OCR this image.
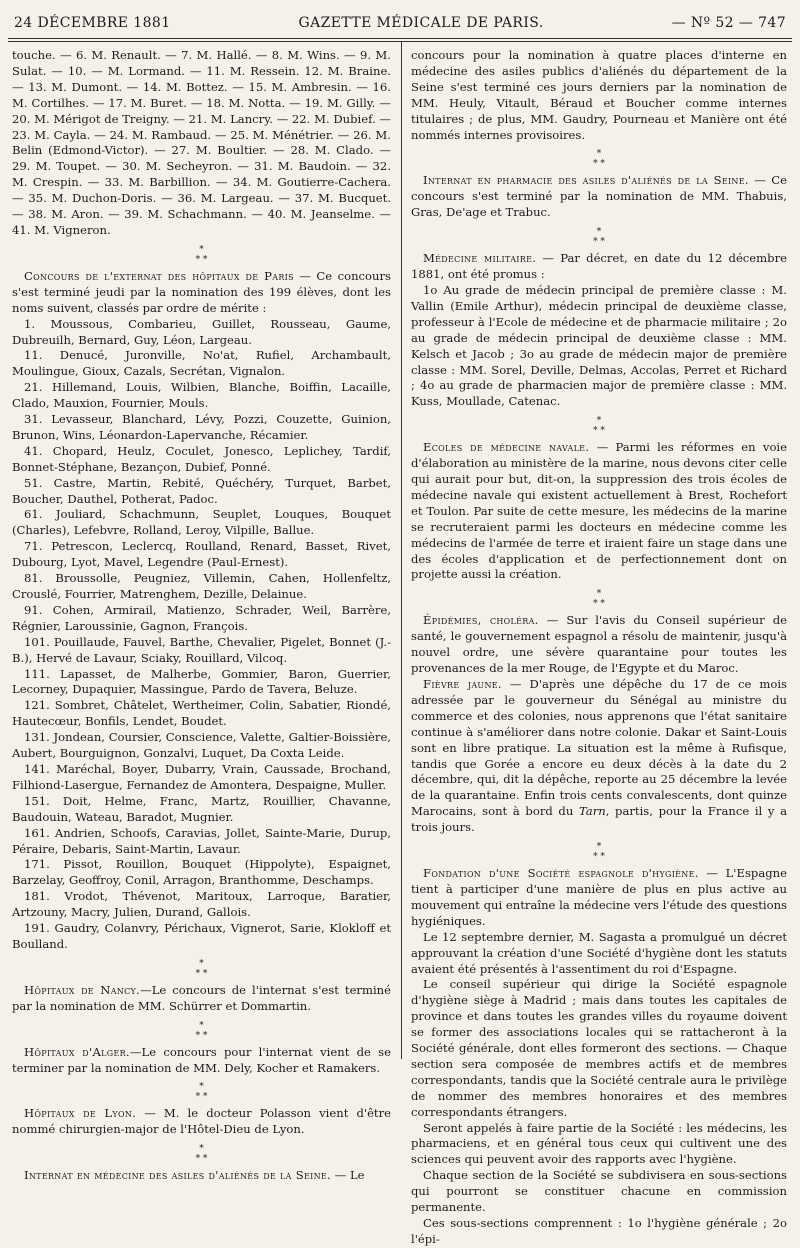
24 DÉCEMBRE 1881	GAZETTE MÉDICALE DE PARIS.	— Nº 52 — 747

touche. — 6. M. Renault. — 7. M. Hallé. — 8. M. Wins. — 9. M. Sulat. — 10. — M. Lormand. — 11. M. Ressein. 12. M. Braine. — 13. M. Dumont. — 14. M. Bottez. — 15. M. Ambresin. — 16. M. Cortilhes. — 17. M. Buret. — 18. M. Notta. — 19. M. Gilly. — 20. M. Mérigot de Treigny. — 21. M. Lancry. — 22. M. Dubief. — 23. M. Cayla. — 24. M. Rambaud. — 25. M. Ménétrier. — 26. M. Belin (Edmond-Victor). — 27. M. Boultier. — 28. M. Clado. — 29. M. Toupet. — 30. M. Secheyron. — 31. M. Baudoin. — 32. M. Crespin. — 33. M. Barbillion. — 34. M. Goutierre-Cachera. — 35. M. Duchon-Doris. — 36. M. Largeau. — 37. M. Bucquet. — 38. M. Aron. — 39. M. Schachmann. — 40. M. Jeanselme. — 41. M. Vigneron.

*
* *

Concours de l'externat des hôpitaux de Paris — Ce concours s'est terminé jeudi par la nomination des 199 élèves, dont les noms suivent, classés par ordre de mérite :

1. Moussous, Combarieu, Guillet, Rousseau, Gaume, Dubreuilh, Bernard, Guy, Léon, Largeau.

11. Denucé, Juronville, No'at, Rufiel, Archambault, Moulingue, Gioux, Cazals, Secrétan, Vignalon.

21. Hillemand, Louis, Wilbien, Blanche, Boiffin, Lacaille, Clado, Mauxion, Fournier, Mouls.

31. Levasseur, Blanchard, Lévy, Pozzi, Couzette, Guinion, Brunon, Wins, Léonardon-Lapervanche, Récamier.

41. Chopard, Heulz, Coculet, Jonesco, Leplichey, Tardif, Bonnet-Stéphane, Bezançon, Dubief, Ponné.

51. Castre, Martin, Rebité, Quéchéry, Turquet, Barbet, Boucher, Dauthel, Potherat, Padoc.

61. Jouliard, Schachmunn, Seuplet, Louques, Bouquet (Charles), Lefebvre, Rolland, Leroy, Vilpille, Ballue.

71. Petrescon, Leclercq, Roulland, Renard, Basset, Rivet, Dubourg, Lyot, Mavel, Legendre (Paul-Ernest).

81. Broussolle, Peugniez, Villemin, Cahen, Hollenfeltz, Crouslé, Fourrier, Matrenghem, Dezille, Delainue.

91. Cohen, Armirail, Matienzo, Schrader, Weil, Barrère, Régnier, Laroussinie, Gagnon, François.

101. Pouillaude, Fauvel, Barthe, Chevalier, Pigelet, Bonnet (J.-B.), Hervé de Lavaur, Sciaky, Rouillard, Vilcoq.

111. Lapasset, de Malherbe, Gommier, Baron, Guerrier, Lecorney, Dupaquier, Massingue, Pardo de Tavera, Beluze.

121. Sombret, Châtelet, Wertheimer, Colin, Sabatier, Riondé, Hautecœur, Bonfils, Lendet, Boudet.

131. Jondean, Coursier, Conscience, Valette, Galtier-Boissière, Aubert, Bourguignon, Gonzalvi, Luquet, Da Coxta Leide.

141. Maréchal, Boyer, Dubarry, Vrain, Caussade, Brochand, Filhiond-Lasergue, Fernandez de Amontera, Despaigne, Muller.

151. Doit, Helme, Franc, Martz, Rouillier, Chavanne, Baudouin, Wateau, Baradot, Mugnier.

161. Andrien, Schoofs, Caravias, Jollet, Sainte-Marie, Durup, Péraire, Debaris, Saint-Martin, Lavaur.

171. Pissot, Rouillon, Bouquet (Hippolyte), Espaignet, Barzelay, Geoffroy, Conil, Arragon, Branthomme, Deschamps.

181. Vrodot, Thévenot, Maritoux, Larroque, Baratier, Artzouny, Macry, Julien, Durand, Gallois.

191. Gaudry, Colanvry, Périchaux, Vignerot, Sarie, Klokloff et Boulland.

*
* *

Hôpitaux de Nancy.—Le concours de l'internat s'est terminé par la nomination de MM. Schürrer et Dommartin.

*
* *

Hôpitaux d'Alger.—Le concours pour l'internat vient de se terminer par la nomination de MM. Dely, Kocher et Ramakers.

*
* *

Hôpitaux de Lyon. — M. le docteur Polasson vient d'être nommé chirurgien-major de l'Hôtel-Dieu de Lyon.

*
* *

Internat en médecine des asiles d'aliénés de la Seine. — Le

concours pour la nomination à quatre places d'interne en médecine des asiles publics d'aliénés du département de la Seine s'est terminé ces jours derniers par la nomination de MM. Heuly, Vitault, Béraud et Boucher comme internes titulaires ; de plus, MM. Gaudry, Pourneau et Manière ont été nommés internes provisoires.

*
* *

Internat en pharmacie des asiles d'aliénés de la Seine. — Ce concours s'est terminé par la nomination de MM. Thabuis, Gras, De'age et Trabuc.

*
* *

Médecine militaire. — Par décret, en date du 12 décembre 1881, ont été promus :

1o Au grade de médecin principal de première classe : M. Vallin (Emile Arthur), médecin principal de deuxième classe, professeur à l'Ecole de médecine et de pharmacie militaire ; 2o au grade de médecin principal de deuxième classe : MM. Kelsch et Jacob ; 3o au grade de médecin major de première classe : MM. Sorel, Deville, Delmas, Accolas, Perret et Richard ; 4o au grade de pharmacien major de première classe : MM. Kuss, Moullade, Catenac.

*
* *

Ecoles de médecine navale. — Parmi les réformes en voie d'élaboration au ministère de la marine, nous devons citer celle qui aurait pour but, dit-on, la suppression des trois écoles de médecine navale qui existent actuellement à Brest, Rochefort et Toulon. Par suite de cette mesure, les médecins de la marine se recruteraient parmi les docteurs en médecine comme les médecins de l'armée de terre et iraient faire un stage dans une des écoles d'application et de perfectionnement dont on projette aussi la création.

*
* *

Épidémies, choléra. — Sur l'avis du Conseil supérieur de santé, le gouvernement espagnol a résolu de maintenir, jusqu'à nouvel ordre, une sévère quarantaine pour toutes les provenances de la mer Rouge, de l'Egypte et du Maroc.

Fièvre jaune. — D'après une dépêche du 17 de ce mois adressée par le gouverneur du Sénégal au ministre du commerce et des colonies, nous apprenons que l'état sanitaire continue à s'améliorer dans notre colonie. Dakar et Saint-Louis sont en libre pratique. La situation est la même à Rufisque, tandis que Gorée a encore eu deux décès à la date du 2 décembre, qui, dit la dépêche, reporte au 25 décembre la levée de la quarantaine. Enfin trois cents convalescents, dont quinze Marocains, sont à bord du Tarn, partis, pour la France il y a trois jours.

*
* *

Fondation d'une Société espagnole d'hygiène. — L'Espagne tient à participer d'une manière de plus en plus active au mouvement qui entraîne la médecine vers l'étude des questions hygiéniques.

Le 12 septembre dernier, M. Sagasta a promulgué un décret approuvant la création d'une Société d'hygiène dont les statuts avaient été présentés à l'assentiment du roi d'Espagne.

Le conseil supérieur qui dirige la Société espagnole d'hygiène siège à Madrid ; mais dans toutes les capitales de province et dans toutes les grandes villes du royaume doivent se former des associations locales qui se rattacheront à la Société générale, dont elles formeront des sections. — Chaque section sera composée de membres actifs et de membres correspondants, tandis que la Société centrale aura le privilège de nommer des membres honoraires et des membres correspondants étrangers.

Seront appelés à faire partie de la Société : les médecins, les pharmaciens, et en général tous ceux qui cultivent une des sciences qui peuvent avoir des rapports avec l'hygiène.

Chaque section de la Société se subdivisera en sous-sections qui pourront se constituer chacune en commission permanente.

Ces sous-sections comprennent : 1o l'hygiène générale ; 2o l'épi-
